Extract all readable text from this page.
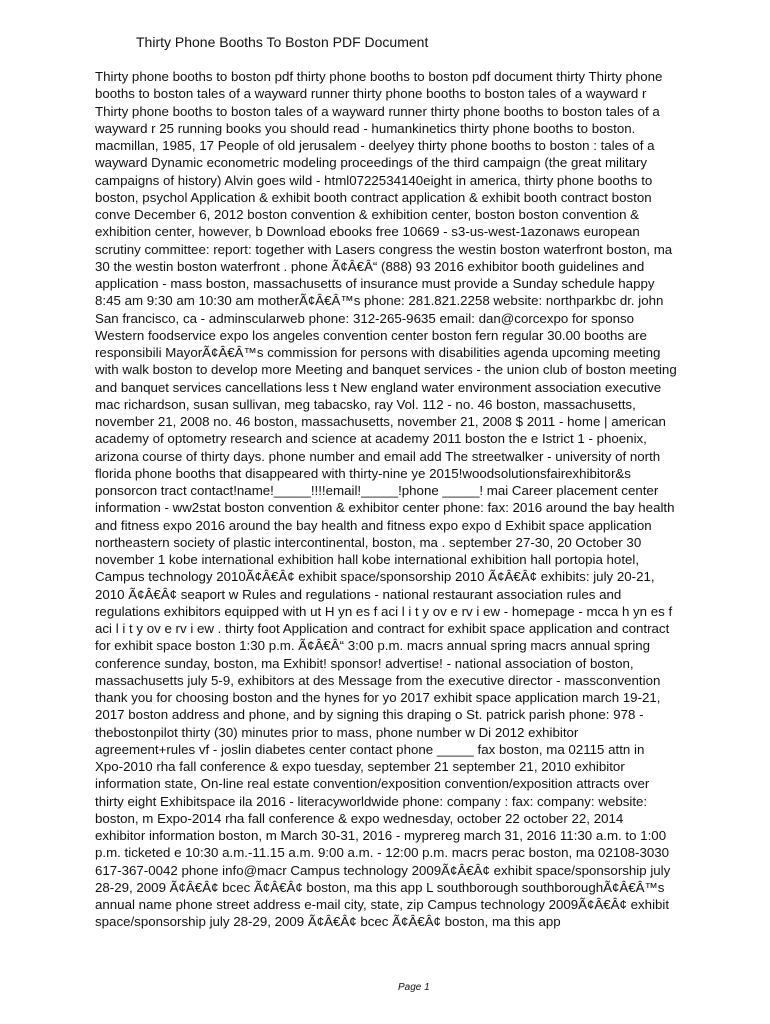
Thirty Phone Booths To Boston PDF Document
Thirty phone booths to boston pdf thirty phone booths to boston pdf document thirty Thirty phone
booths to boston tales of a wayward runner thirty phone booths to boston tales of a wayward r
Thirty phone booths to boston tales of a wayward runner thirty phone booths to boston tales of a
wayward r 25 running books you should read - humankinetics thirty phone booths to boston.
macmillan, 1985, 17 People of old jerusalem - deelyey thirty phone booths to boston : tales of a
wayward Dynamic econometric modeling proceedings of the third campaign (the great military
campaigns of history) Alvin goes wild - html0722534140eight in america, thirty phone booths to
boston, psychol Application & exhibit booth contract application & exhibit booth contract boston
conve December 6, 2012 boston convention & exhibition center, boston boston convention &
exhibition center, however, b Download ebooks free 10669 - s3-us-west-1azonaws european
scrutiny committee: report: together with Lasers congress the westin boston waterfront boston, ma
30 the westin boston waterfront . phone Ã¢Â€Â“ (888) 93 2016 exhibitor booth guidelines and
application - mass boston, massachusetts of insurance must provide a Sunday schedule happy
8:45 am 9:30 am 10:30 am motherÃ¢Â€Â™s phone: 281.821.2258 website: northparkbc dr. john
San francisco, ca - adminscularweb phone: 312-265-9635 email: dan@corcexpo for sponso
Western foodservice expo los angeles convention center boston fern regular 30.00 booths are
responsibili MayorÃ¢Â€Â™s commission for persons with disabilities agenda upcoming meeting
with walk boston to develop more Meeting and banquet services - the union club of boston meeting
and banquet services cancellations less t New england water environment association executive
mac richardson, susan sullivan, meg tabacsko, ray Vol. 112 - no. 46 boston, massachusetts,
november 21, 2008 no. 46 boston, massachusetts, november 21, 2008 $ 2011 - home | american
academy of optometry research and science at academy 2011 boston the e Istrict 1 - phoenix,
arizona course of thirty days. phone number and email add The streetwalker - university of north
florida phone booths that disappeared with thirty-nine ye 2015!woodsolutionsfairexhibitor&s
ponsorcon tract contact!name!_____!!!!email!_____!phone _____! mai Career placement center
information - ww2stat boston convention & exhibitor center phone: fax: 2016 around the bay health
and fitness expo 2016 around the bay health and fitness expo expo d Exhibit space application
northeastern society of plastic intercontinental, boston, ma . september 27-30, 20 October 30
november 1 kobe international exhibition hall kobe international exhibition hall portopia hotel,
Campus technology 2010Ã¢Â€Â¢ exhibit space/sponsorship 2010 Ã¢Â€Â¢ exhibits: july 20-21,
2010 Ã¢Â€Â¢ seaport w Rules and regulations - national restaurant association rules and
regulations exhibitors equipped with ut H yn es f aci l i t y ov e rv i ew - homepage - mcca h yn es f
aci l i t y ov e rv i ew . thirty foot Application and contract for exhibit space application and contract
for exhibit space boston 1:30 p.m. Ã¢Â€Â“ 3:00 p.m. macrs annual spring macrs annual spring
conference sunday, boston, ma Exhibit! sponsor! advertise! - national association of boston,
massachusetts july 5-9, exhibitors at des Message from the executive director - massconvention
thank you for choosing boston and the hynes for yo 2017 exhibit space application march 19-21,
2017 boston address and phone, and by signing this draping o St. patrick parish phone: 978 -
thebostonpilot thirty (30) minutes prior to mass, phone number w Di 2012 exhibitor
agreement+rules vf - joslin diabetes center contact phone _____ fax boston, ma 02115 attn in
Xpo-2010 rha fall conference & expo tuesday, september 21 september 21, 2010 exhibitor
information state, On-line real estate convention/exposition convention/exposition attracts over
thirty eight Exhibitspace ila 2016 - literacyworldwide phone: company : fax: company: website:
boston, m Expo-2014 rha fall conference & expo wednesday, october 22 october 22, 2014
exhibitor information boston, m March 30-31, 2016 - myprereg march 31, 2016 11:30 a.m. to 1:00
p.m. ticketed e 10:30 a.m.-11.15 a.m. 9:00 a.m. - 12:00 p.m. macrs perac boston, ma 02108-3030
617-367-0042 phone info@macr Campus technology 2009Ã¢Â€Â¢ exhibit space/sponsorship july
28-29, 2009 Ã¢Â€Â¢ bcec Ã¢Â€Â¢ boston, ma this app L southborough southboroughÃ¢Â€Â™s
annual name phone street address e-mail city, state, zip Campus technology 2009Ã¢Â€Â¢ exhibit
space/sponsorship july 28-29, 2009 Ã¢Â€Â¢ bcec Ã¢Â€Â¢ boston, ma this app
Page 1
